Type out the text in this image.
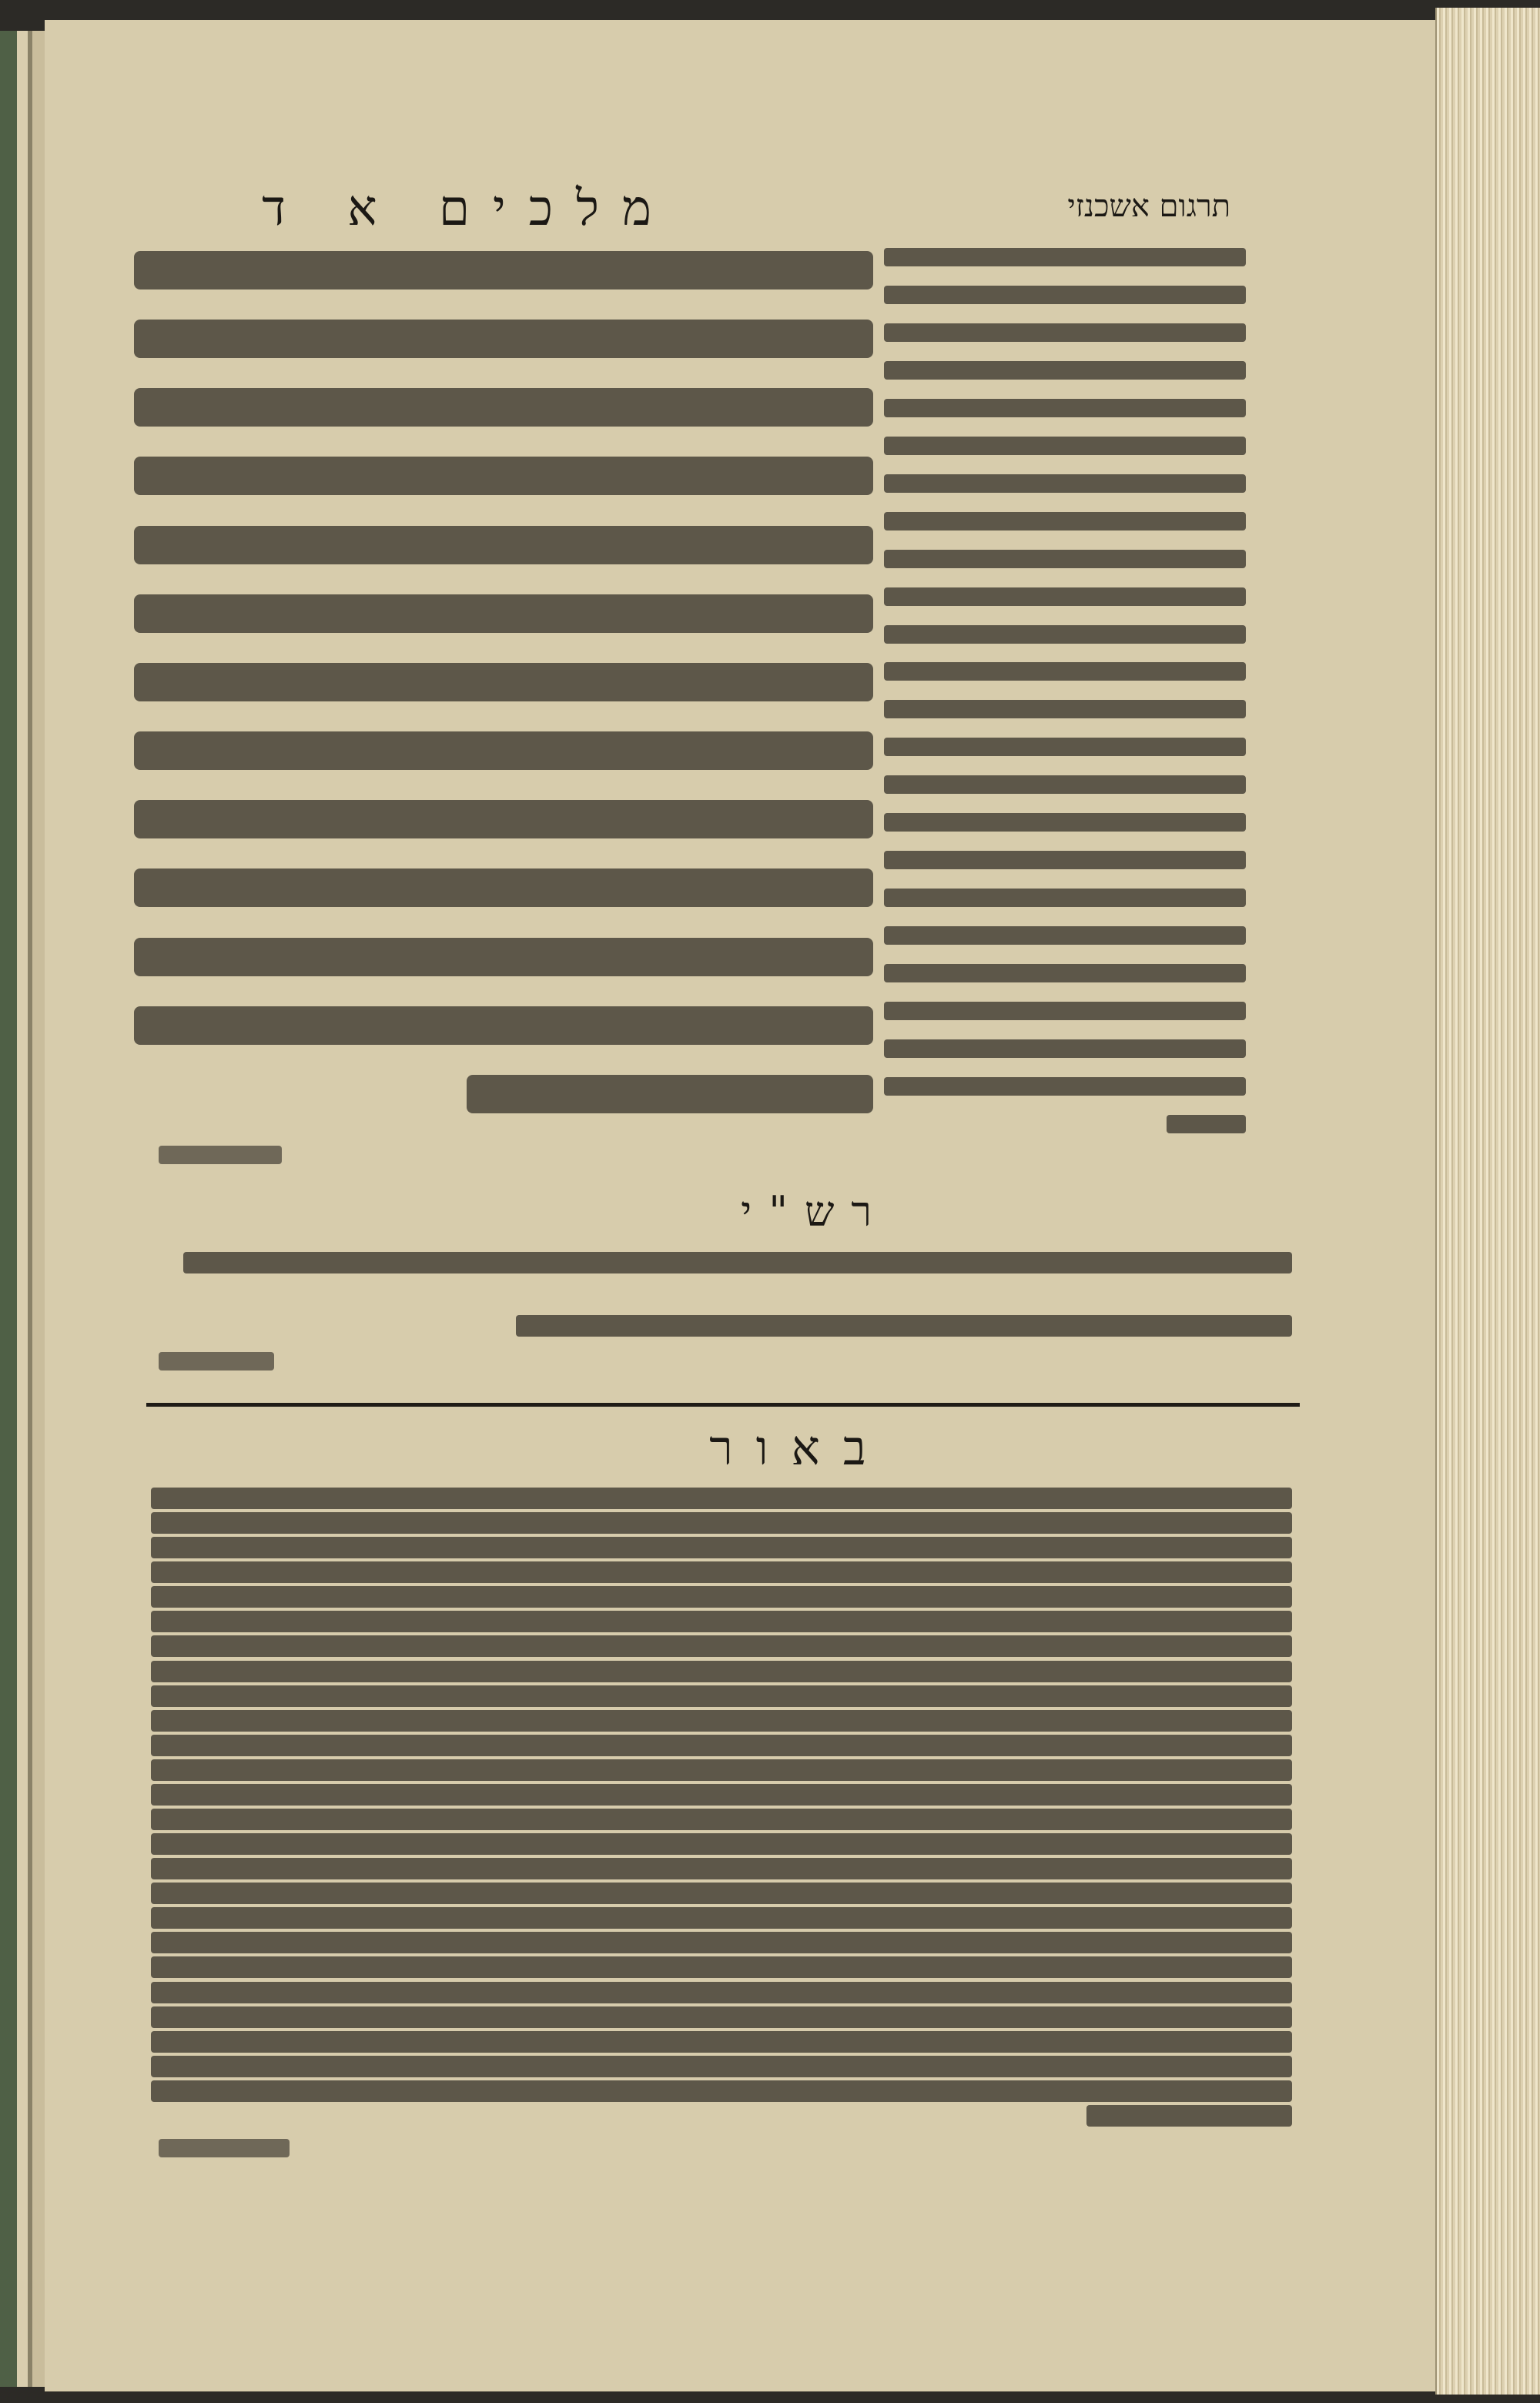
מלכים א ד	תרגום אשכנזי
רש"י
באור
